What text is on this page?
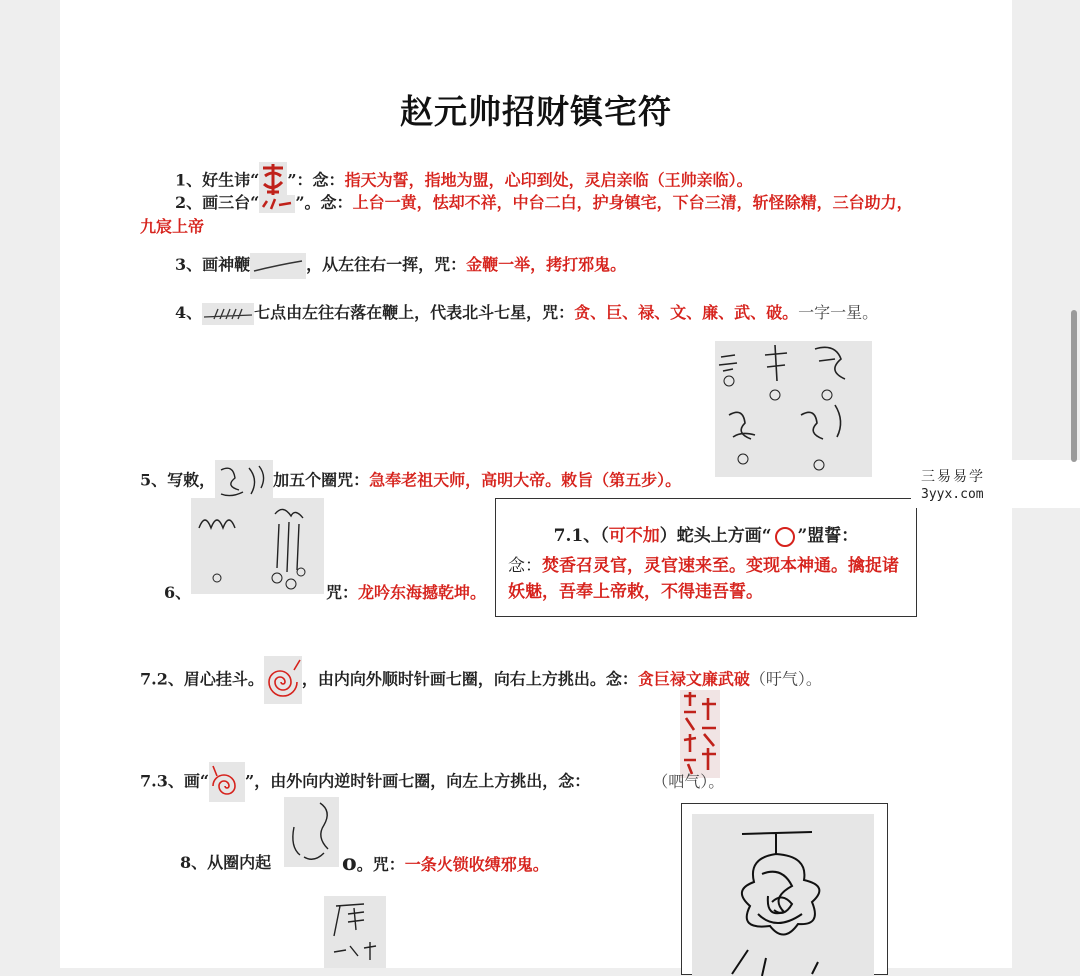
赵元帅招财镇宅符
1、好生讳“ ”：念：指天为誓，指地为盟，心印到处，灵启亲临（王帅亲临）。
2、画三台“ ”。念：上台一黄，怯却不祥，中台二白，护身镇宅，下台三清，斩怪除精，三台助力，
九宸上帝
3、画神鞭	，从左往右一挥，咒：金鞭一举，拷打邪鬼。
4、	七点由左往右落在鞭上，代表北斗七星，咒：贪、巨、禄、文、廉、武、破。一字一星。
5、写敕，	加五个圈咒：急奉老祖天师，高明大帝。敕旨（第五步）。
6、	咒：龙吟东海撼乾坤。
7.1、（可不加）蛇头上方画“ ”盟誓：
念：焚香召灵官，灵官速来至。变现本神通。擒捉诸妖魅，吾奉上帝敕，不得违吾誓。
7.2、眉心挂斗。 ，由内向外顺时针画七圈，向右上方挑出。念：贪巨禄文廉武破（吁气）。
7.3、画“ ”，由外向内逆时针画七圈，向左上方挑出，念：	（呬气）。
8、从圈内起	o。咒：一条火锁收缚邪鬼。
三易易学
3yyx.com
